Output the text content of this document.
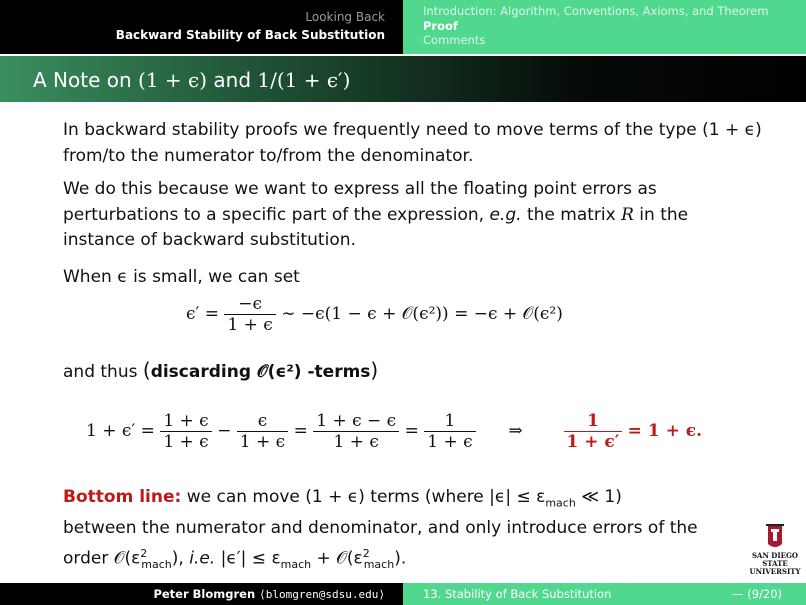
Looking Back
Backward Stability of Back Substitution
Introduction: Algorithm, Conventions, Axioms, and Theorem
Proof
Comments
A Note on (1 + ϵ) and 1/(1 + ϵ′)
In backward stability proofs we frequently need to move terms of the type (1 + ϵ) from/to the numerator to/from the denominator.
We do this because we want to express all the floating point errors as perturbations to a specific part of the expression, e.g. the matrix R in the instance of backward substitution.
When ϵ is small, we can set
$\epsilon' = \frac{-\epsilon}{1 + \epsilon}$ ∼ −ϵ(1 − ϵ + 𝒪(ϵ²)) = −ϵ + 𝒪(ϵ²)
and thus (discarding 𝒪(ϵ²) -terms)
$1 + \epsilon' = \frac{1 + \epsilon}{1 + \epsilon} - \frac{\epsilon}{1 + \epsilon} = \frac{1 + \epsilon - \epsilon}{1 + \epsilon} = \frac{1}{1 + \epsilon}$ ⇒ $\frac{1}{1 + \epsilon'} = 1 + \epsilon$.
Bottom line: we can move (1 + ϵ) terms (where $|\epsilon| \le \varepsilon_{mach}$ ≪ 1)
between the numerator and denominator, and only introduce errors of the
order $𝒪(\varepsilon^2_{mach})$, i.e. $|\epsilon'| \le \varepsilon_{mach}$ + $𝒪(\varepsilon^2_{mach})$.	SAN DIEGO STATE
UNIVERSITY
Peter Blomgren ⟨blomgren@sdsu.edu⟩	13. Stability of Back Substitution	— (9/20)
